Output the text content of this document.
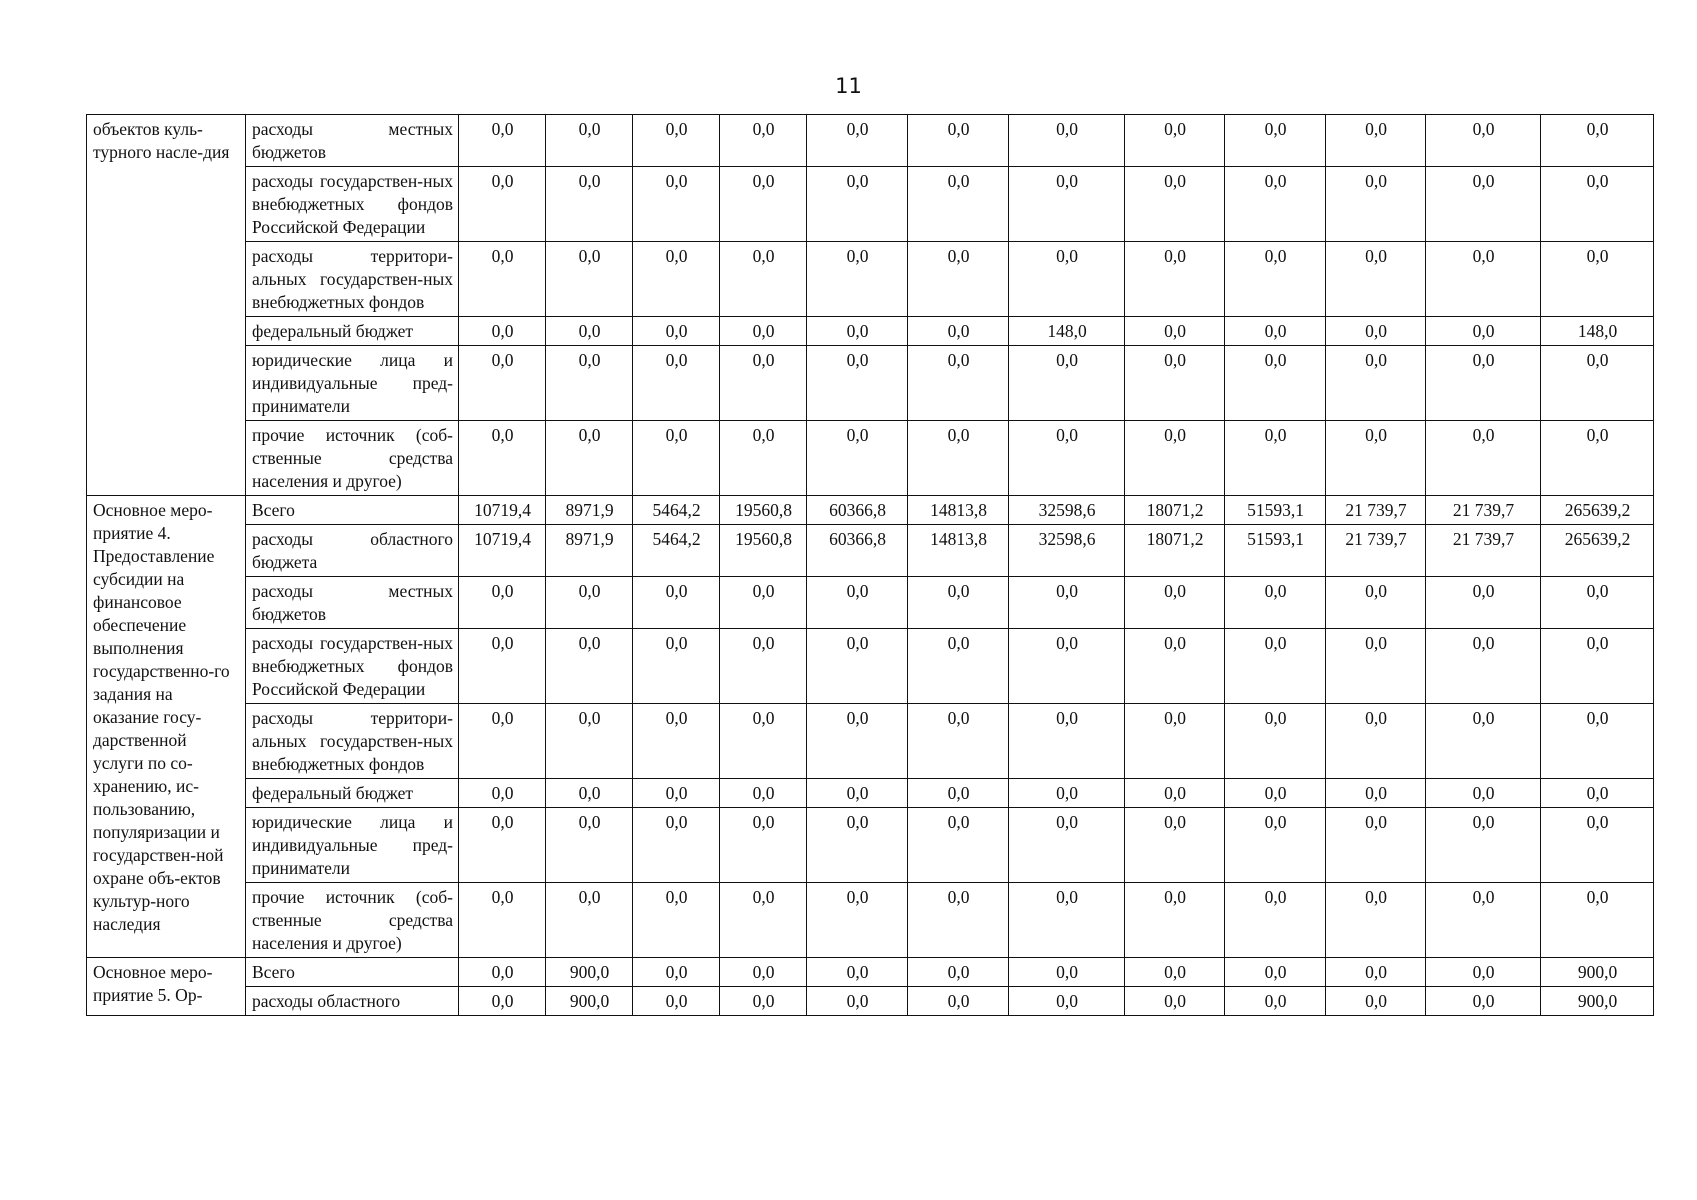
11
объектов куль-турного насле-дия	расходы местных бюджетов	0,0	0,0	0,0	0,0	0,0	0,0	0,0	0,0	0,0	0,0	0,0	0,0
	расходы государствен-ных внебюджетных фондов Российской Федерации	0,0	0,0	0,0	0,0	0,0	0,0	0,0	0,0	0,0	0,0	0,0	0,0
	расходы территори-альных государствен-ных внебюджетных фондов	0,0	0,0	0,0	0,0	0,0	0,0	0,0	0,0	0,0	0,0	0,0	0,0
	федеральный бюджет	0,0	0,0	0,0	0,0	0,0	0,0	148,0	0,0	0,0	0,0	0,0	148,0
	юридические лица и индивидуальные пред-приниматели	0,0	0,0	0,0	0,0	0,0	0,0	0,0	0,0	0,0	0,0	0,0	0,0
	прочие источник (соб-ственные средства населения и другое)	0,0	0,0	0,0	0,0	0,0	0,0	0,0	0,0	0,0	0,0	0,0	0,0
Основное меро-приятие 4. Предоставление субсидии на финансовое обеспечение выполнения государственно-го задания на оказание госу-дарственной услуги по со-хранению, ис-пользованию, популяризации и государствен-ной охране объ-ектов культур-ного наследия	Всего	10719,4	8971,9	5464,2	19560,8	60366,8	14813,8	32598,6	18071,2	51593,1	21 739,7	21 739,7	265639,2
	расходы областного бюджета	10719,4	8971,9	5464,2	19560,8	60366,8	14813,8	32598,6	18071,2	51593,1	21 739,7	21 739,7	265639,2
	расходы местных бюджетов	0,0	0,0	0,0	0,0	0,0	0,0	0,0	0,0	0,0	0,0	0,0	0,0
	расходы государствен-ных внебюджетных фондов Российской Федерации	0,0	0,0	0,0	0,0	0,0	0,0	0,0	0,0	0,0	0,0	0,0	0,0
	расходы территори-альных государствен-ных внебюджетных фондов	0,0	0,0	0,0	0,0	0,0	0,0	0,0	0,0	0,0	0,0	0,0	0,0
	федеральный бюджет	0,0	0,0	0,0	0,0	0,0	0,0	0,0	0,0	0,0	0,0	0,0	0,0
	юридические лица и индивидуальные пред-приниматели	0,0	0,0	0,0	0,0	0,0	0,0	0,0	0,0	0,0	0,0	0,0	0,0
	прочие источник (соб-ственные средства населения и другое)	0,0	0,0	0,0	0,0	0,0	0,0	0,0	0,0	0,0	0,0	0,0	0,0
Основное меро-приятие 5. Ор-	Всего	0,0	900,0	0,0	0,0	0,0	0,0	0,0	0,0	0,0	0,0	0,0	900,0
	расходы областного	0,0	900,0	0,0	0,0	0,0	0,0	0,0	0,0	0,0	0,0	0,0	900,0
